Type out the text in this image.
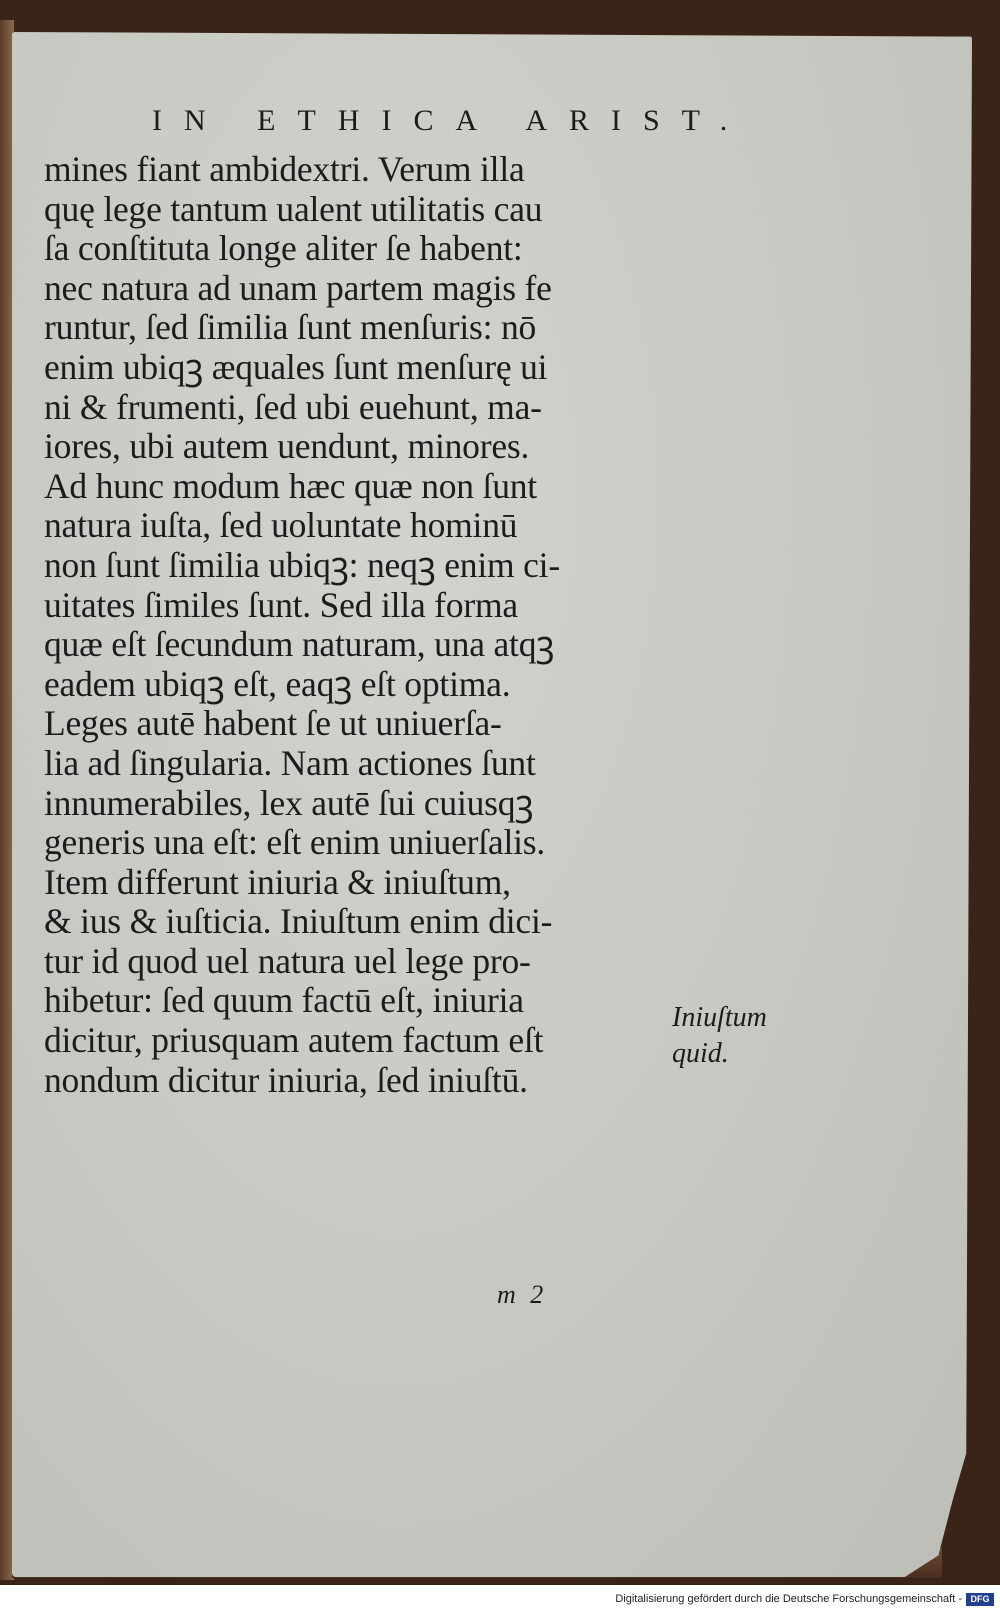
IN ETHICA ARIST.
mines fiant ambidextri. Verum illa
quę lege tantum ualent utilitatis cau
ſa conſtituta longe aliter ſe habent:
nec natura ad unam partem magis fe
runtur, ſed ſimilia ſunt menſuris: nō
enim ubiqꝫ æquales ſunt menſurę ui
ni & frumenti, ſed ubi euehunt, ma-
iores, ubi autem uendunt, minores.
Ad hunc modum hæc quæ non ſunt
natura iuſta, ſed uoluntate hominū
non ſunt ſimilia ubiqꝫ: neqꝫ enim ci-
uitates ſimiles ſunt. Sed illa forma
quæ eſt ſecundum naturam, una atqꝫ
eadem ubiqꝫ eſt, eaqꝫ eſt optima.
Leges autē habent ſe ut uniuerſa-
lia ad ſingularia. Nam actiones ſunt
innumerabiles, lex autē ſui cuiusqꝫ
generis una eſt: eſt enim uniuerſalis.
Item differunt iniuria & iniuſtum,
& ius & iuſticia. Iniuſtum enim dici-
tur id quod uel natura uel lege pro-
hibetur: ſed quum factū eſt, iniuria
dicitur, priusquam autem factum eſt
nondum dicitur iniuria, ſed iniuſtū.
Iniuſtum
quid.
m 2
Digitalisierung gefördert durch die Deutsche Forschungsgemeinschaft - DFG
